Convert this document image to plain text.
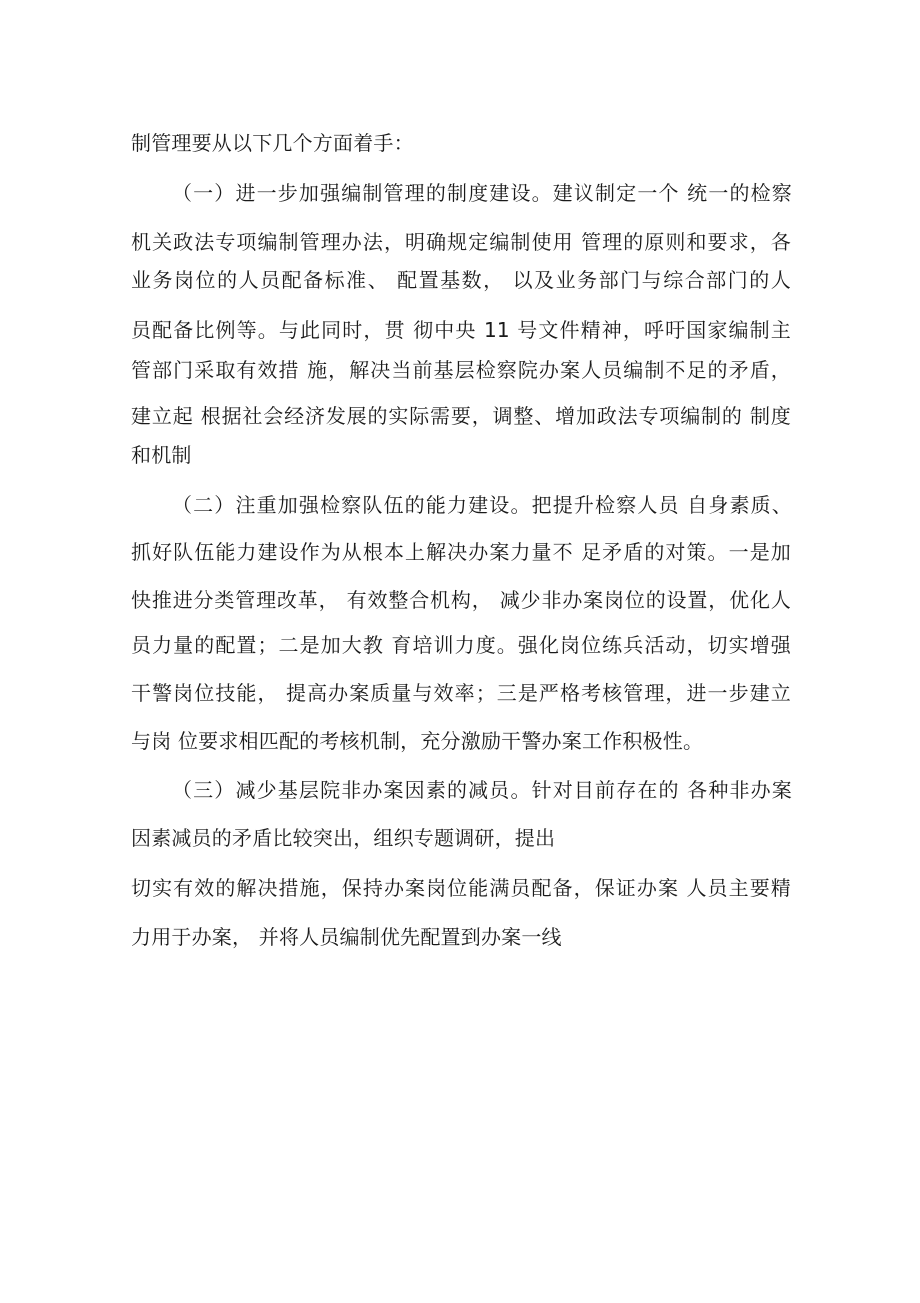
制管理要从以下几个方面着手：
（一）进一步加强编制管理的制度建设。建议制定一个 统一的检察
机关政法专项编制管理办法，明确规定编制使用 管理的原则和要求，各
业务岗位的人员配备标准、 配置基数， 以及业务部门与综合部门的人
员配备比例等。与此同时，贯 彻中央 11 号文件精神，呼吁国家编制主
管部门采取有效措 施，解决当前基层检察院办案人员编制不足的矛盾，
建立起 根据社会经济发展的实际需要，调整、增加政法专项编制的 制度
和机制
（二）注重加强检察队伍的能力建设。把提升检察人员 自身素质、
抓好队伍能力建设作为从根本上解决办案力量不 足矛盾的对策。一是加
快推进分类管理改革， 有效整合机构， 减少非办案岗位的设置，优化人
员力量的配置；二是加大教 育培训力度。强化岗位练兵活动，切实增强
干警岗位技能， 提高办案质量与效率；三是严格考核管理，进一步建立
与岗 位要求相匹配的考核机制，充分激励干警办案工作积极性。
（三）减少基层院非办案因素的减员。针对目前存在的 各种非办案
因素减员的矛盾比较突出，组织专题调研，提出
切实有效的解决措施，保持办案岗位能满员配备，保证办案 人员主要精
力用于办案， 并将人员编制优先配置到办案一线
